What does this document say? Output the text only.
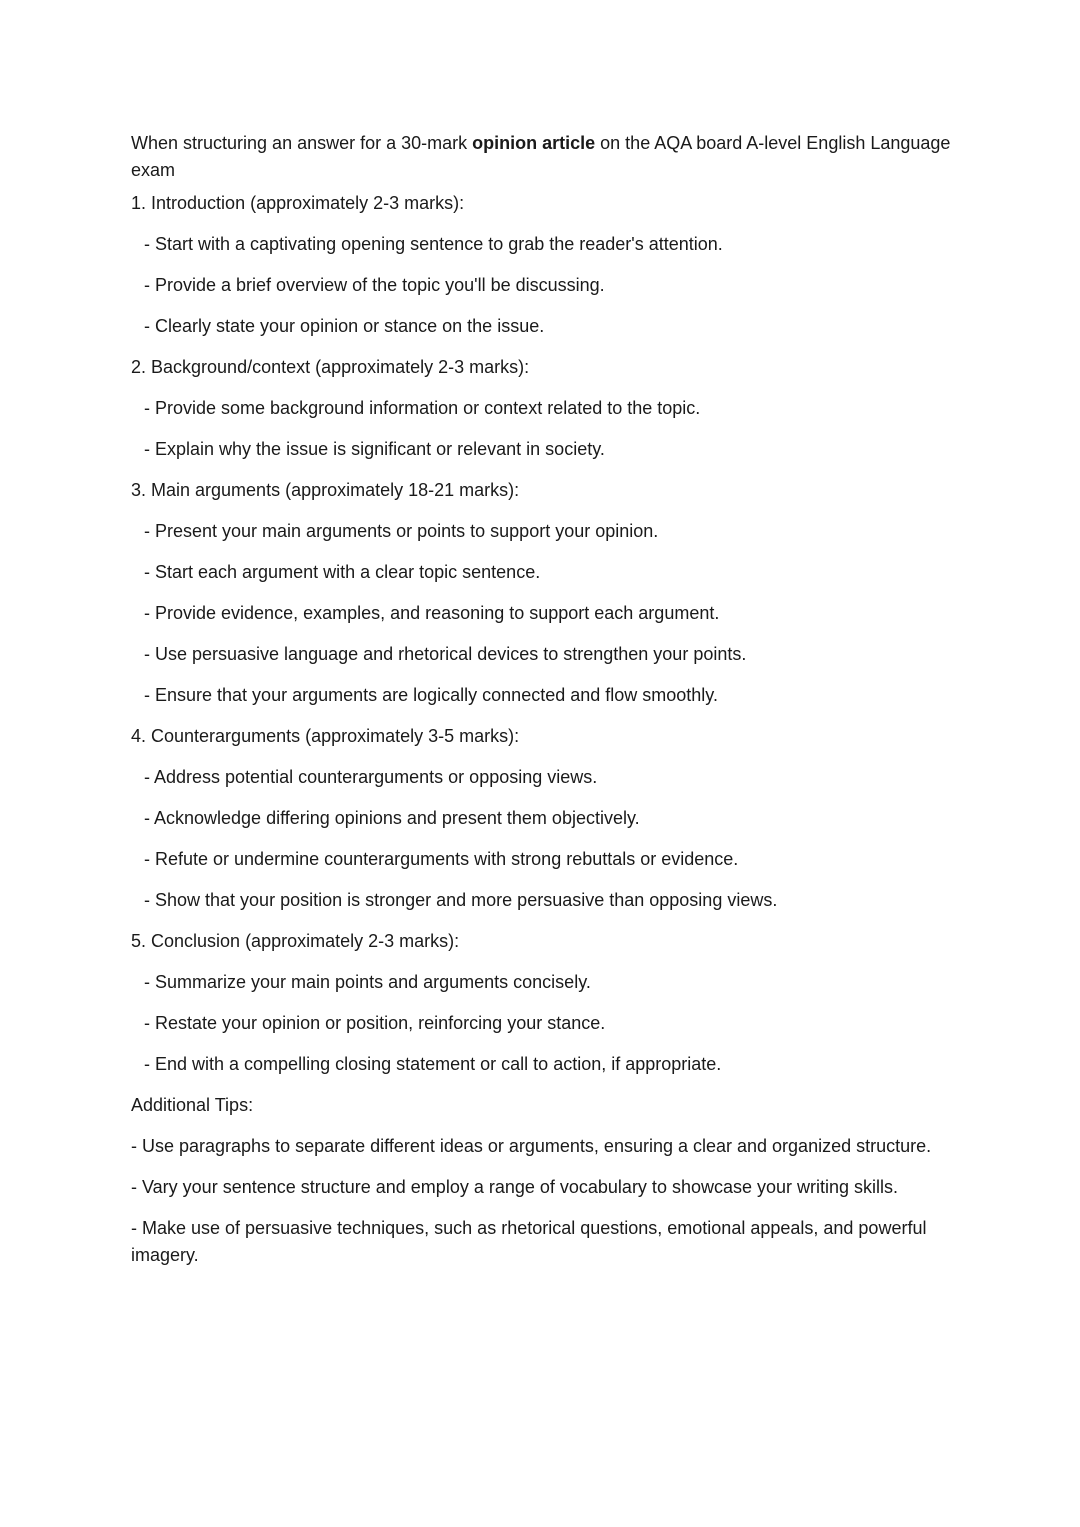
When structuring an answer for a 30-mark opinion article on the AQA board A-level English Language exam

1. Introduction (approximately 2-3 marks):
- Start with a captivating opening sentence to grab the reader's attention.
- Provide a brief overview of the topic you'll be discussing.
- Clearly state your opinion or stance on the issue.
2. Background/context (approximately 2-3 marks):
- Provide some background information or context related to the topic.
- Explain why the issue is significant or relevant in society.
3. Main arguments (approximately 18-21 marks):
- Present your main arguments or points to support your opinion.
- Start each argument with a clear topic sentence.
- Provide evidence, examples, and reasoning to support each argument.
- Use persuasive language and rhetorical devices to strengthen your points.
- Ensure that your arguments are logically connected and flow smoothly.
4. Counterarguments (approximately 3-5 marks):
- Address potential counterarguments or opposing views.
- Acknowledge differing opinions and present them objectively.
- Refute or undermine counterarguments with strong rebuttals or evidence.
- Show that your position is stronger and more persuasive than opposing views.
5. Conclusion (approximately 2-3 marks):
- Summarize your main points and arguments concisely.
- Restate your opinion or position, reinforcing your stance.
- End with a compelling closing statement or call to action, if appropriate.
Additional Tips:
- Use paragraphs to separate different ideas or arguments, ensuring a clear and organized structure.
- Vary your sentence structure and employ a range of vocabulary to showcase your writing skills.
- Make use of persuasive techniques, such as rhetorical questions, emotional appeals, and powerful imagery.
